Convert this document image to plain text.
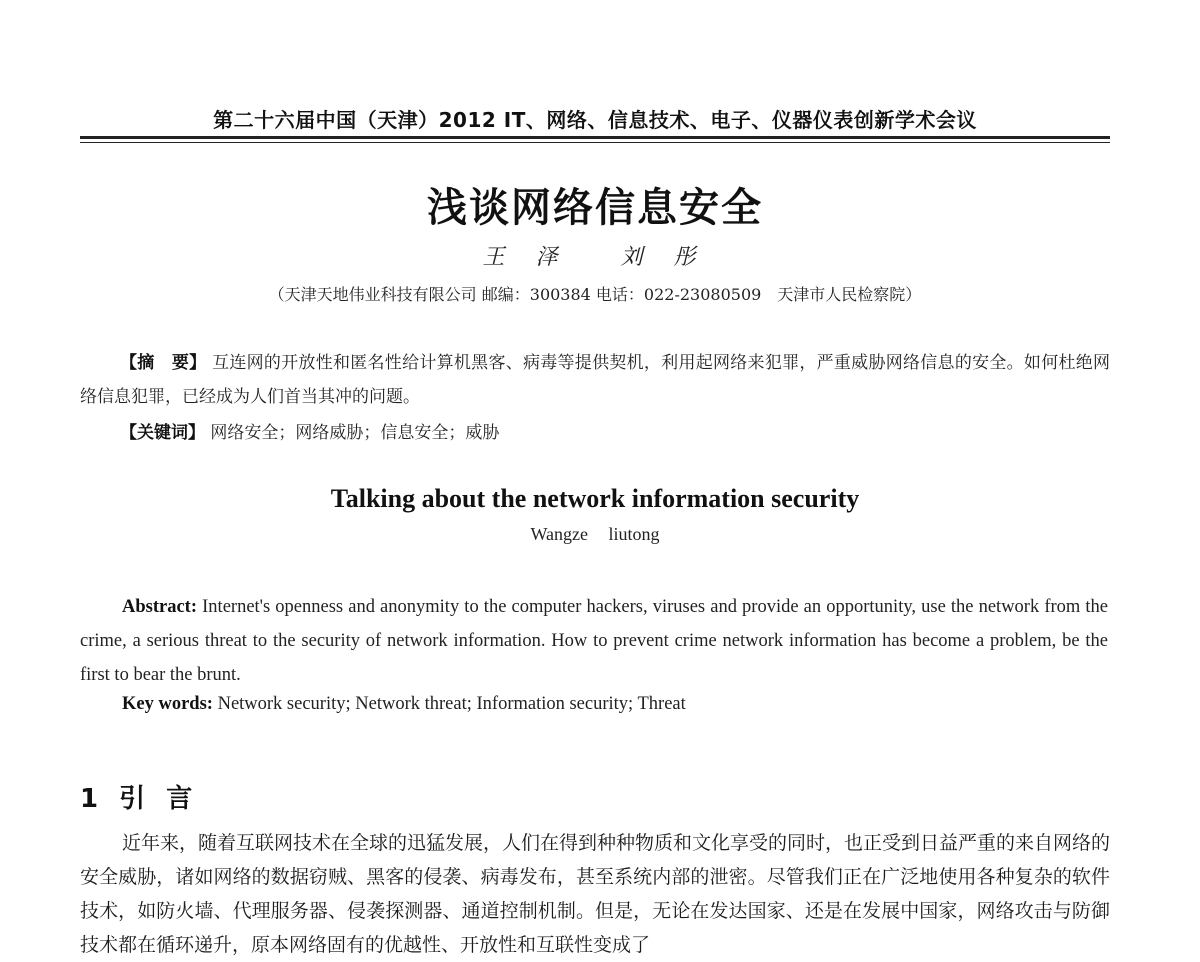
第二十六届中国（天津）2012 IT、网络、信息技术、电子、仪器仪表创新学术会议
浅谈网络信息安全
王 泽 刘 彤
（天津天地伟业科技有限公司 邮编：300384 电话：022-23080509　天津市人民检察院）
【摘　要】 互连网的开放性和匿名性给计算机黑客、病毒等提供契机，利用起网络来犯罪，严重威胁网络信息的安全。如何杜绝网络信息犯罪，已经成为人们首当其冲的问题。
【关键词】 网络安全；网络威胁；信息安全；威胁
Talking about the network information security
Wangze liutong
Abstract: Internet's openness and anonymity to the computer hackers, viruses and provide an opportunity, use the network from the crime, a serious threat to the security of network information. How to prevent crime network information has become a problem, be the first to bear the brunt.
Key words: Network security; Network threat; Information security; Threat
1 引 言
近年来，随着互联网技术在全球的迅猛发展，人们在得到种种物质和文化享受的同时，也正受到日益严重的来自网络的安全威胁，诸如网络的数据窃贼、黑客的侵袭、病毒发布，甚至系统内部的泄密。尽管我们正在广泛地使用各种复杂的软件技术，如防火墙、代理服务器、侵袭探测器、通道控制机制。但是，无论在发达国家、还是在发展中国家，网络攻击与防御技术都在循环递升，原本网络固有的优越性、开放性和互联性变成了
